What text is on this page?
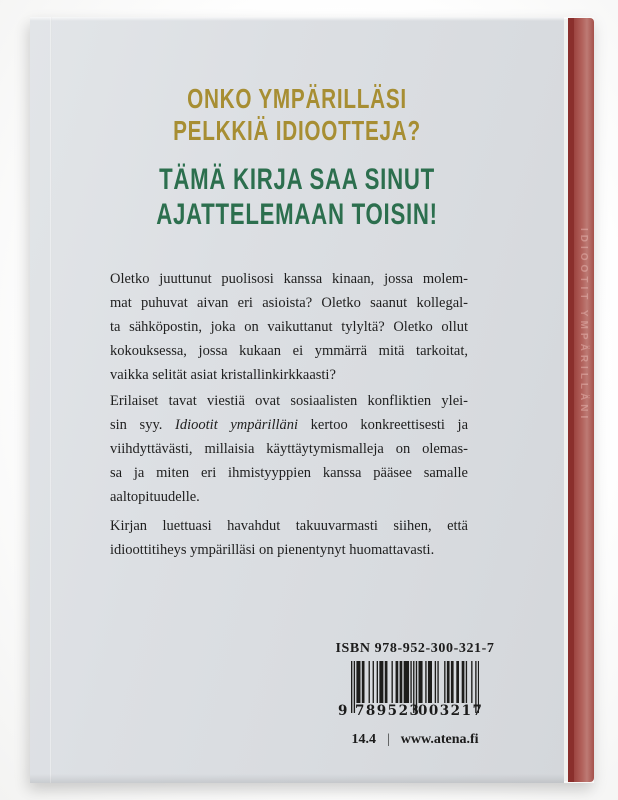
ONKO YMPÄRILLÄSI
PELKKIÄ IDIOOTTEJA?
TÄMÄ KIRJA SAA SINUT
AJATTELEMAAN TOISIN!
Oletko juuttunut puolisosi kanssa kinaan, jossa molem-
mat puhuvat aivan eri asioista? Oletko saanut kollegal-
ta sähköpostin, joka on vaikuttanut tylyltä? Oletko ollut
kokouksessa, jossa kukaan ei ymmärrä mitä tarkoitat,
vaikka selität asiat kristallinkirkkaasti?
Erilaiset tavat viestiä ovat sosiaalisten konfliktien ylei-
sin syy. Idiootit ympärilläni kertoo konkreettisesti ja
viihdyttävästi, millaisia käyttäytymismalleja on olemas-
sa ja miten eri ihmistyyppien kanssa pääsee samalle
aaltopituudelle.
Kirjan luettuasi havahdut takuuvarmasti siihen, että
idioottitiheys ympärilläsi on pienentynyt huomattavasti.
ISBN 978-952-300-321-7
9 789523
003217
14.4 | www.atena.fi
IDIOOTIT YMPÄRILLÄNI
